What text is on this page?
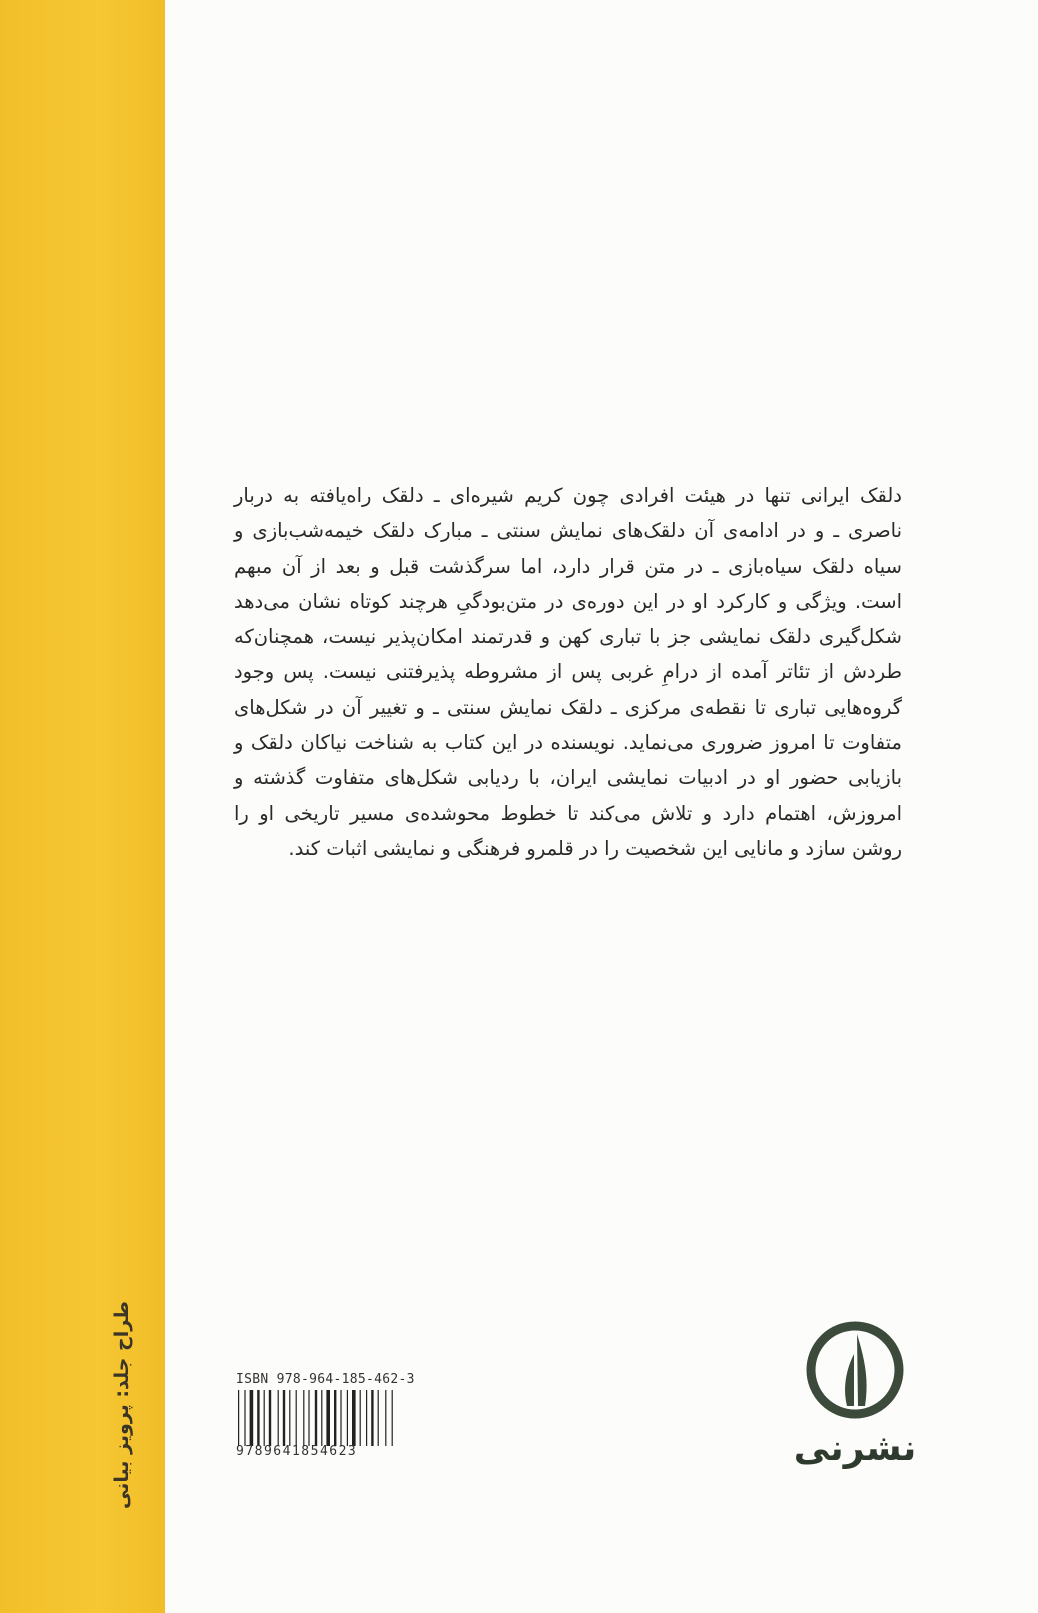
طراح جلد: پرویز بیانی

دلقک ایرانی تنها در هیئت افرادی چون کریم شیره‌ای ـ دلقک راه‌یافته به دربار ناصری ـ و در ادامه‌ی آن دلقک‌های نمایش سنتی ـ مبارک دلقک خیمه‌شب‌بازی و سیاه دلقک سیاه‌بازی ـ در متن قرار دارد، اما سرگذشت قبل و بعد از آن مبهم است. ویژگی و کارکرد او در این دوره‌ی در متن‌بودگیِ هرچند کوتاه نشان می‌دهد شکل‌گیری دلقک نمایشی جز با تباری کهن و قدرتمند امکان‌پذیر نیست، همچنان‌که طردش از تئاتر آمده از درامِ غربی پس از مشروطه پذیرفتنی نیست. پس وجود گروه‌هایی تباری تا نقطه‌ی مرکزی ـ دلقک نمایش سنتی ـ و تغییر آن در شکل‌های متفاوت تا امروز ضروری می‌نماید. نویسنده در این کتاب به شناخت نیاکان دلقک و بازیابی حضور او در ادبیات نمایشی ایران، با ردیابی شکل‌های متفاوت گذشته و امروزش، اهتمام دارد و تلاش می‌کند تا خطوط محوشده‌ی مسیر تاریخی او را روشن سازد و مانایی این شخصیت را در قلمرو فرهنگی و نمایشی اثبات کند.

ISBN 978-964-185-462-3
9789641854623	نشرنی
